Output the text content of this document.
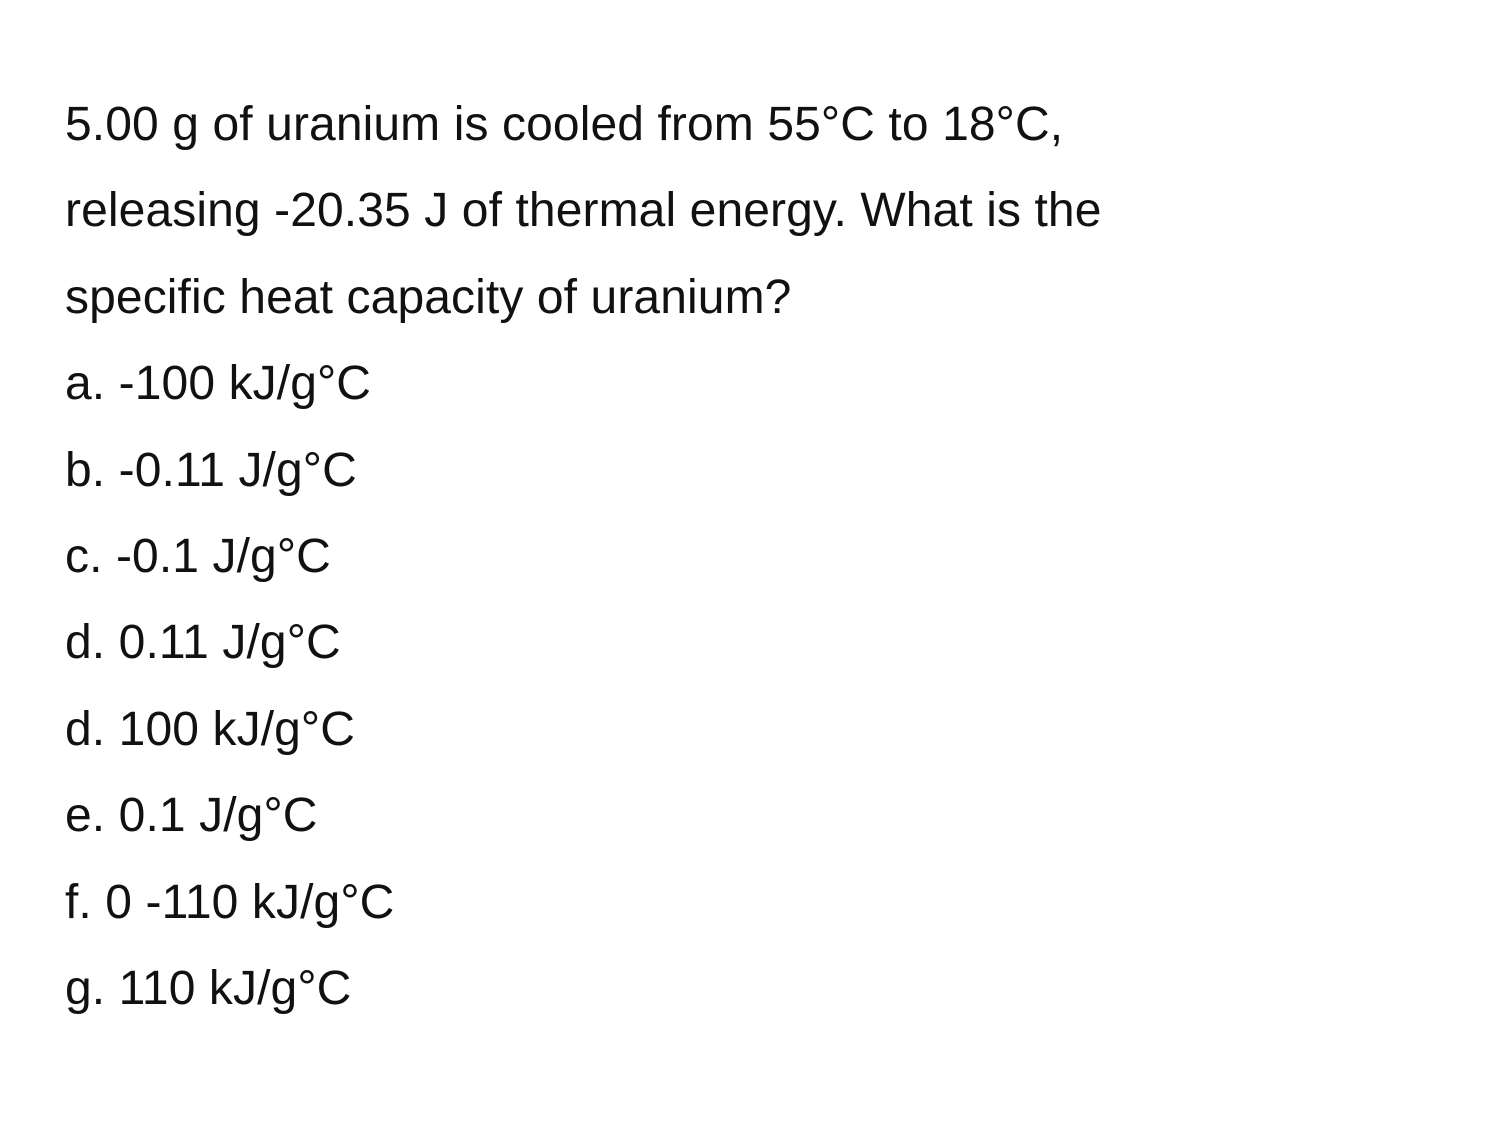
5.00 g of uranium is cooled from 55°C to 18°C,
releasing -20.35 J of thermal energy. What is the
specific heat capacity of uranium?
a. -100 kJ/g°C
b. -0.11 J/g°C
c. -0.1 J/g°C
d. 0.11 J/g°C
d. 100 kJ/g°C
e. 0.1 J/g°C
f. 0 -110 kJ/g°C
g. 110 kJ/g°C
